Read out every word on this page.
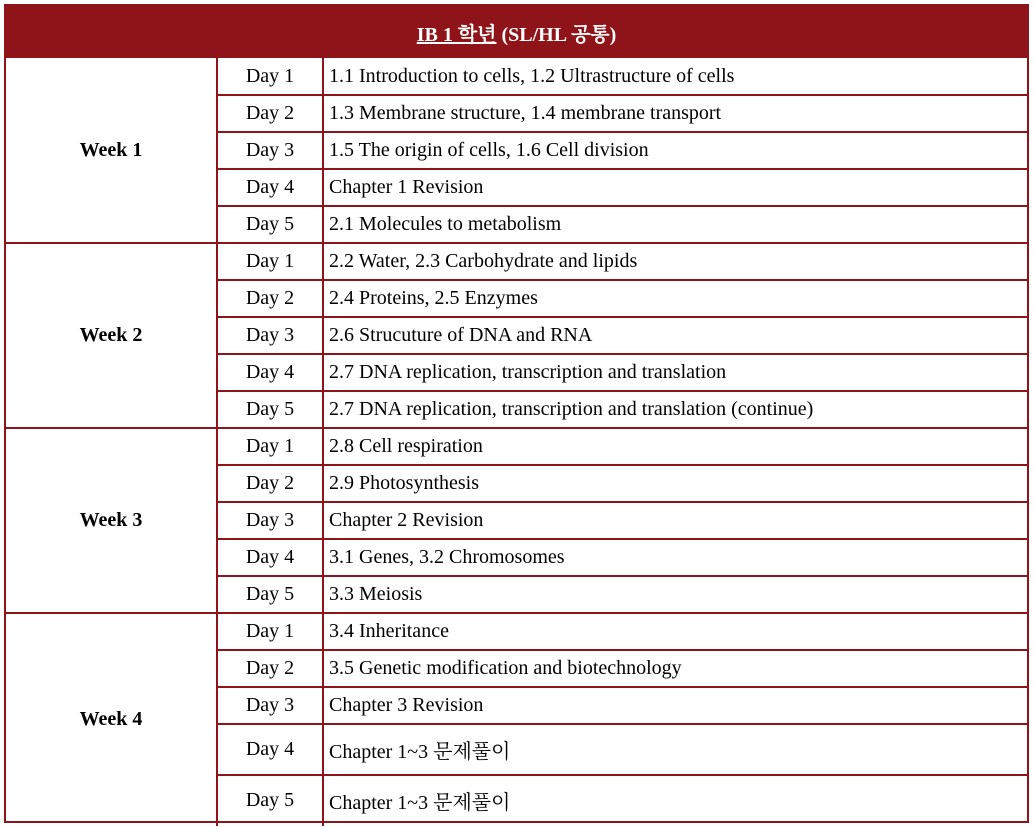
IB 1 학년
(SL/HL 공통)
Week 1
Day 1	1.1 Introduction to cells, 1.2 Ultrastructure of cells
Day 2	1.3 Membrane structure, 1.4 membrane transport
Day 3	1.5 The origin of cells, 1.6 Cell division
Day 4	Chapter 1 Revision
Day 5	2.1 Molecules to metabolism
Week 2
Day 1	2.2 Water, 2.3 Carbohydrate and lipids
Day 2	2.4 Proteins, 2.5 Enzymes
Day 3	2.6 Strucuture of DNA and RNA
Day 4	2.7 DNA replication, transcription and translation
Day 5	2.7 DNA replication, transcription and translation (continue)
Week 3
Day 1	2.8 Cell respiration
Day 2	2.9 Photosynthesis
Day 3	Chapter 2 Revision
Day 4	3.1 Genes, 3.2 Chromosomes
Day 5	3.3 Meiosis
Week 4
Day 1	3.4 Inheritance
Day 2	3.5 Genetic modification and biotechnology
Day 3	Chapter 3 Revision
Day 4	Chapter 1~3 문제풀이
Day 5	Chapter 1~3 문제풀이
